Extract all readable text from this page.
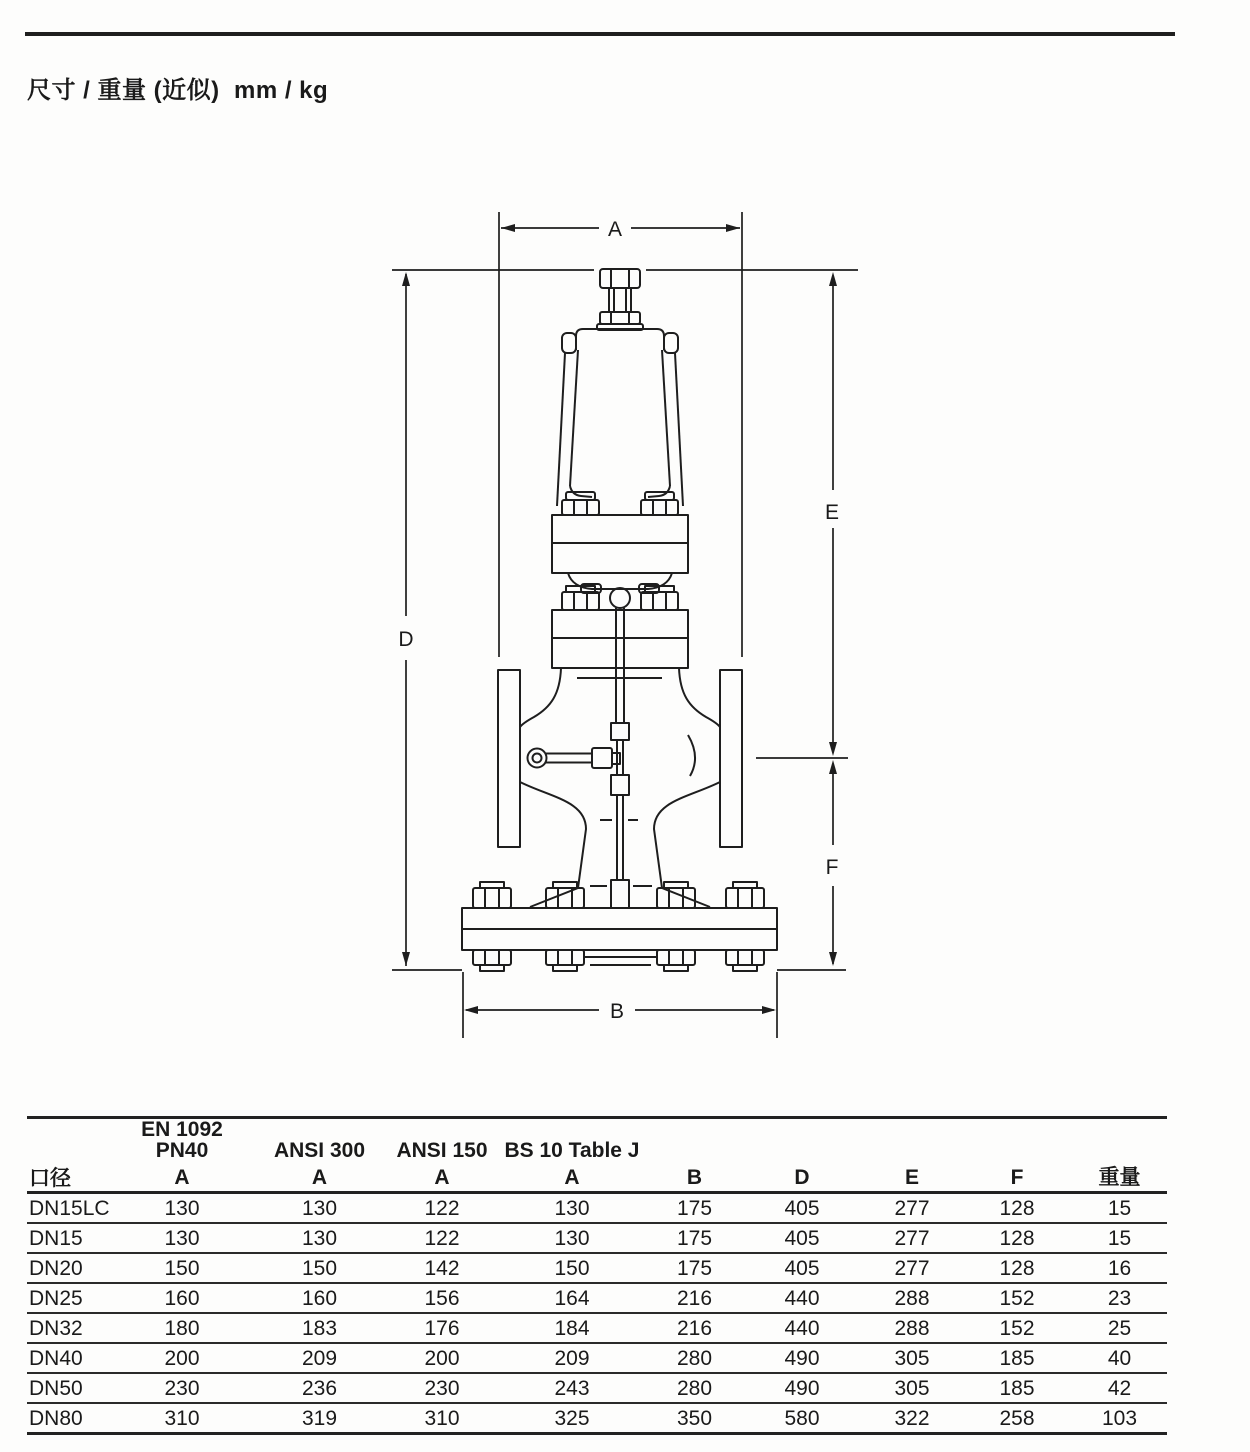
尺寸 / 重量 (近似)  mm / kg
A
D
E
F
B
口径	EN 1092 PN40	ANSI 300	ANSI 150	BS 10 Table J					
	A	A	A	A	B	D	E	F	重量
DN15LC	130	130	122	130	175	405	277	128	15
DN15	130	130	122	130	175	405	277	128	15
DN20	150	150	142	150	175	405	277	128	16
DN25	160	160	156	164	216	440	288	152	23
DN32	180	183	176	184	216	440	288	152	25
DN40	200	209	200	209	280	490	305	185	40
DN50	230	236	230	243	280	490	305	185	42
DN80	310	319	310	325	350	580	322	258	103
